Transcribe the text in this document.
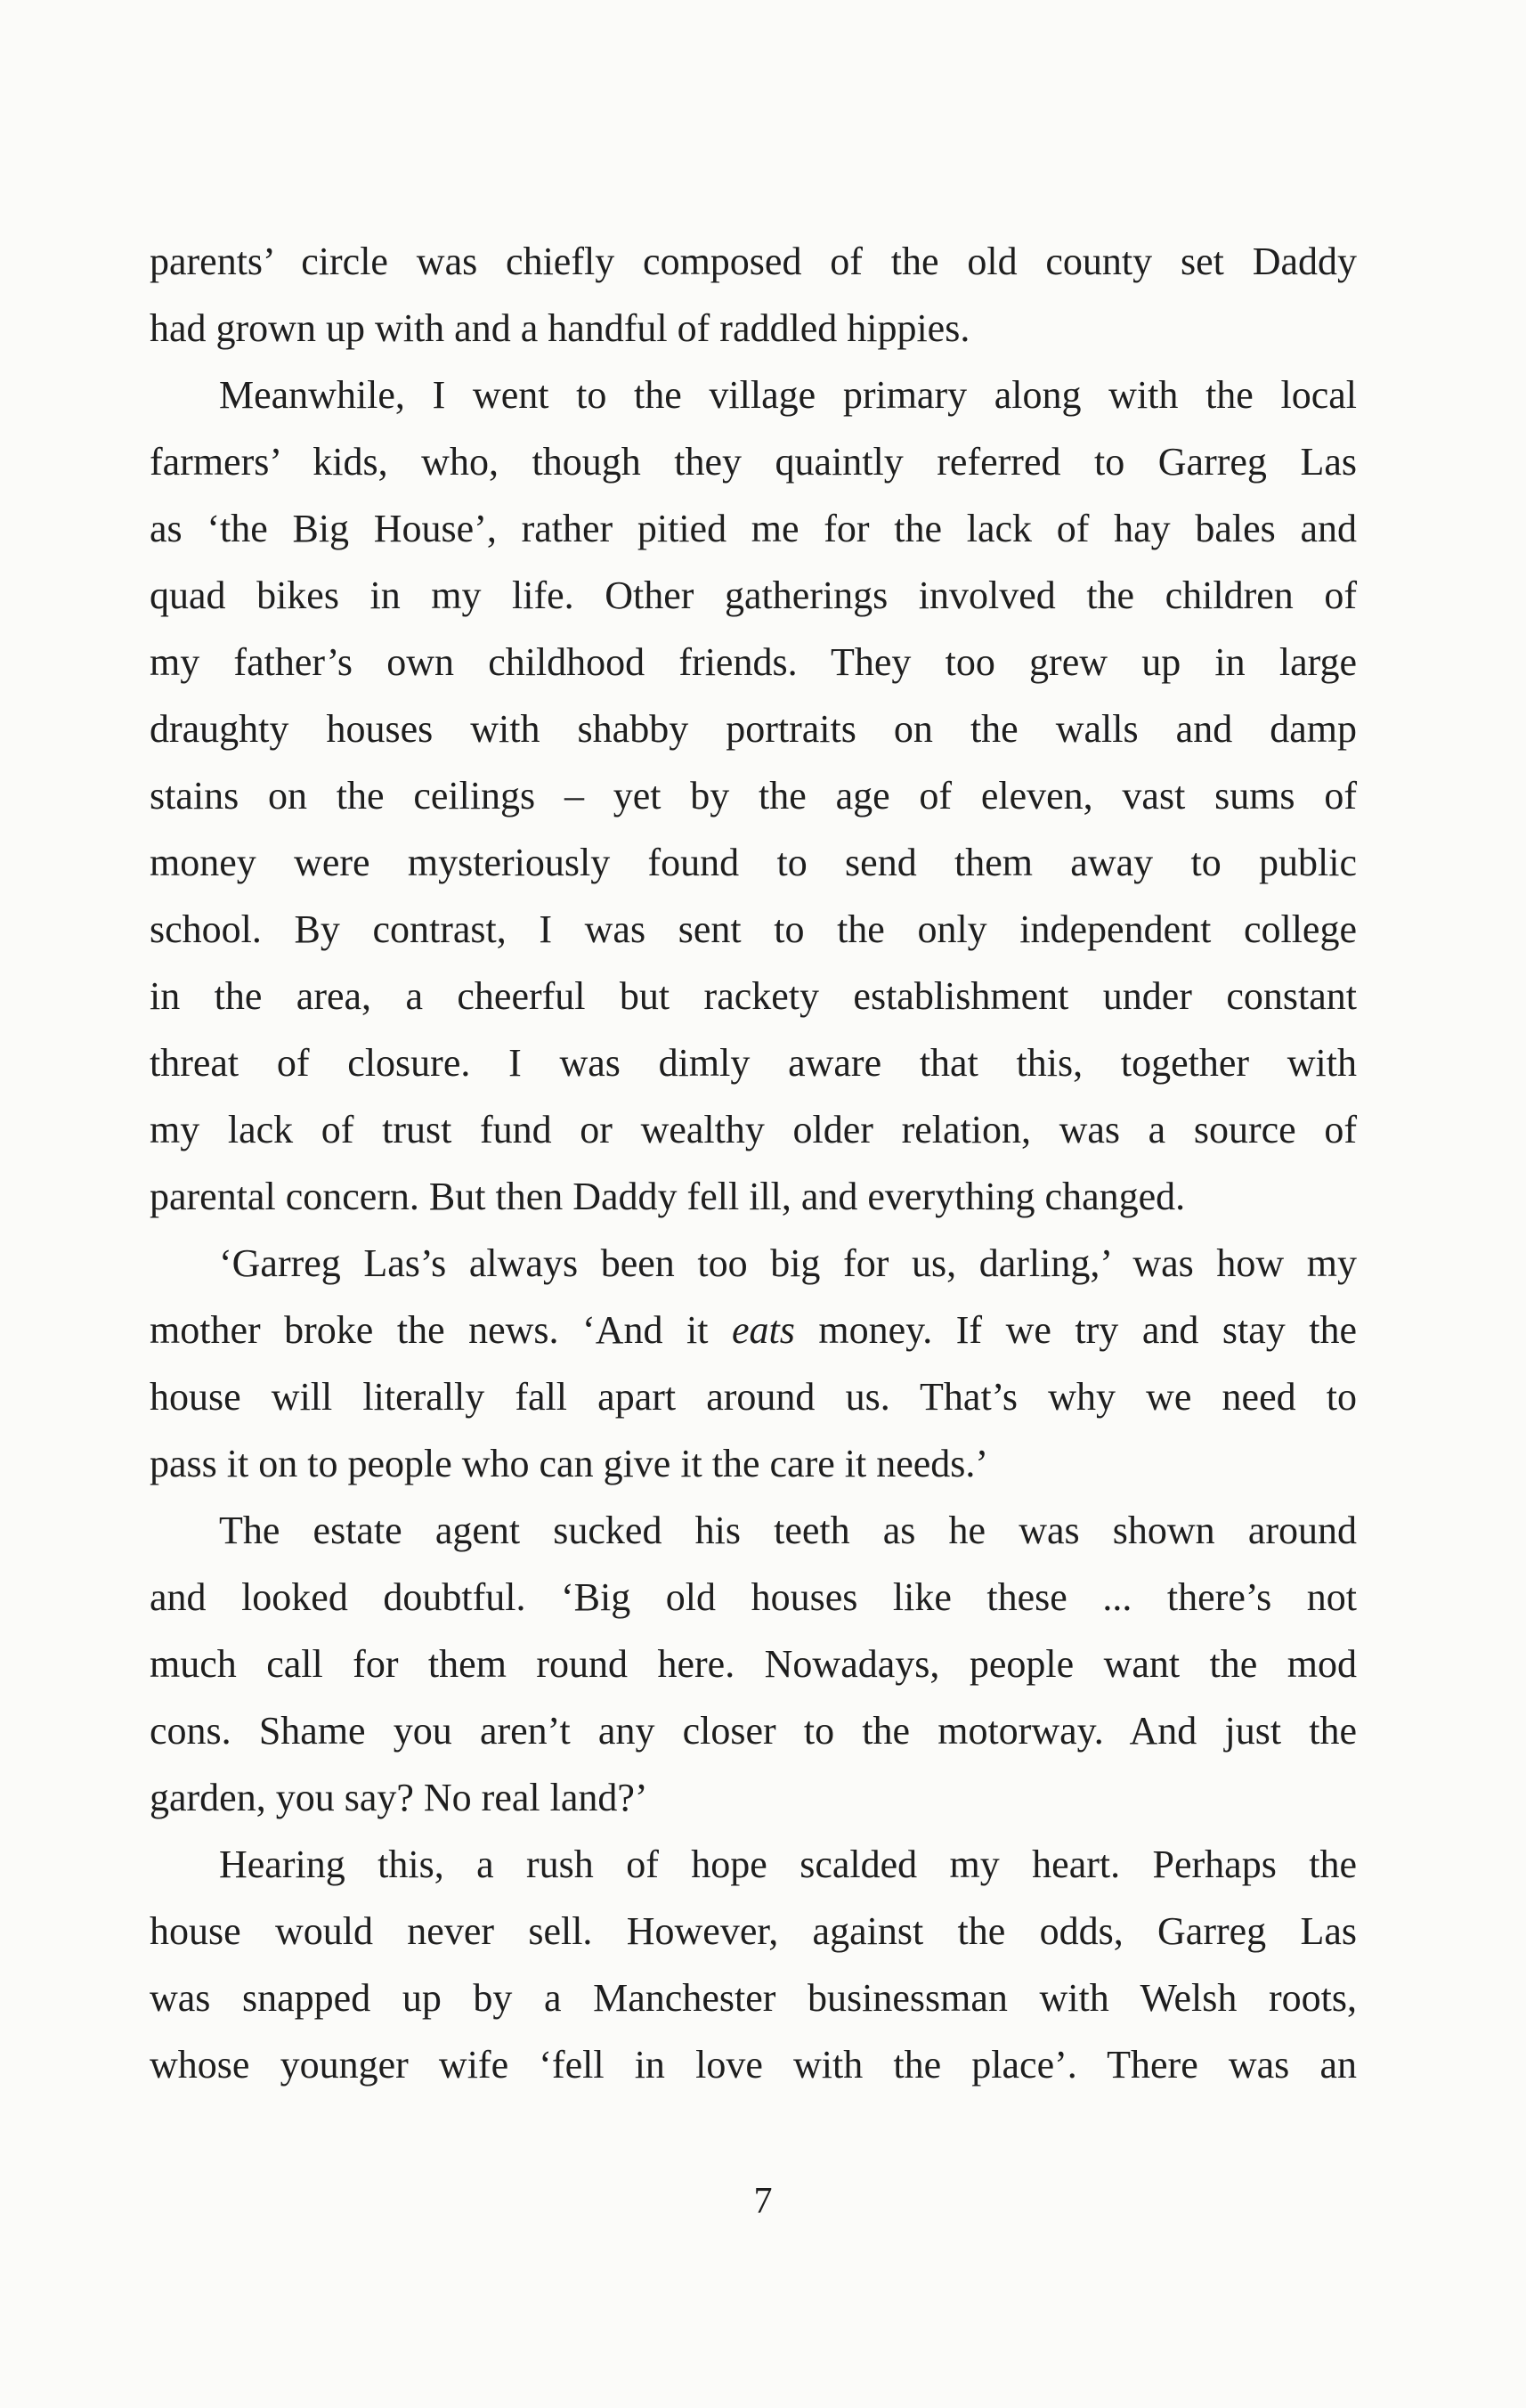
parents’ circle was chiefly composed of the old county set Daddy
had grown up with and a handful of raddled hippies.
Meanwhile, I went to the village primary along with the local
farmers’ kids, who, though they quaintly referred to Garreg Las
as ‘the Big House’, rather pitied me for the lack of hay bales and
quad bikes in my life. Other gatherings involved the children of
my father’s own childhood friends. They too grew up in large
draughty houses with shabby portraits on the walls and damp
stains on the ceilings – yet by the age of eleven, vast sums of
money were mysteriously found to send them away to public
school. By contrast, I was sent to the only independent college
in the area, a cheerful but rackety establishment under constant
threat of closure. I was dimly aware that this, together with
my lack of trust fund or wealthy older relation, was a source of
parental concern. But then Daddy fell ill, and everything changed.
‘Garreg Las’s always been too big for us, darling,’ was how my
mother broke the news. ‘And it eats money. If we try and stay the
house will literally fall apart around us. That’s why we need to
pass it on to people who can give it the care it needs.’
The estate agent sucked his teeth as he was shown around
and looked doubtful. ‘Big old houses like these ... there’s not
much call for them round here. Nowadays, people want the mod
cons. Shame you aren’t any closer to the motorway. And just the
garden, you say? No real land?’
Hearing this, a rush of hope scalded my heart. Perhaps the
house would never sell. However, against the odds, Garreg Las
was snapped up by a Manchester businessman with Welsh roots,
whose younger wife ‘fell in love with the place’. There was an
7
